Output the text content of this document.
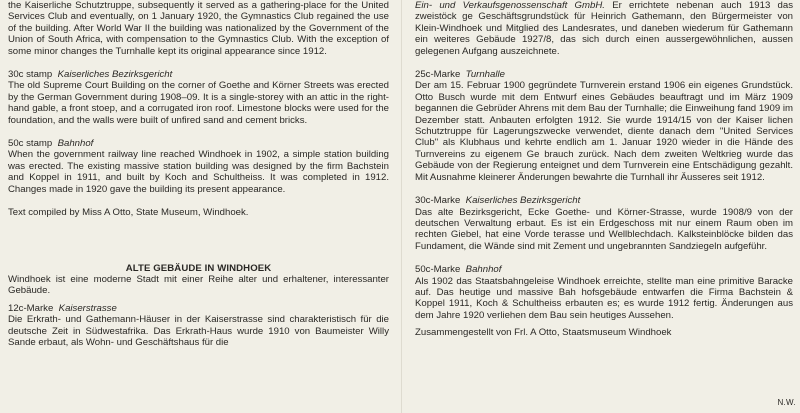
the Kaiserliche Schutztruppe, subsequently it served as a gathering-place for the United Services Club and eventually, on 1 January 1920, the Gymnastics Club regained the use of the building. After World War II the building was nationalized by the Government of the Union of South Africa, with compensation to the Gymnastics Club. With the exception of some minor changes the Turnhalle kept its original appearance since 1912.

30c stamp Kaiserliches Bezirksgericht

The old Supreme Court Building on the corner of Goethe and Körner Streets was erected by the German Government during 1908–09. It is a single-storey with an attic in the right-hand gable, a front stoep, and a corrugated iron roof. Limestone blocks were used for the foundation, and the walls were built of unfired sand and cement bricks.

50c stamp Bahnhof

When the government railway line reached Windhoek in 1902, a simple station building was erected. The existing massive station building was designed by the firm Bachstein and Koppel in 1911, and built by Koch and Schultheiss. It was completed in 1912. Changes made in 1920 gave the building its present appearance.

Text compiled by Miss A Otto, State Museum, Windhoek.

ALTE GEBÄUDE IN WINDHOEK

Windhoek ist eine moderne Stadt mit einer Reihe alter und erhaltener, interessanter Gebäude.

12c-Marke Kaiserstrasse

Die Erkrath- und Gathemann-Häuser in der Kaiserstrasse sind charakteristisch für die deutsche Zeit in Südwestafrika. Das Erkrath-Haus wurde 1910 von Baumeister Willy Sande erbaut, als Wohn- und Geschäftshaus für die

Ein- und Verkaufsgenossenschaft GmbH. Er errichtete nebenan auch 1913 das zweistöck ge Geschäftsgrundstück für Heinrich Gathemann, den Bürgermeister von Klein-Windhoek und Mitglied des Landesrates, und daneben wiederum für Gathemann ein weiteres Gebäude 1927/8, das sich durch einen aussergewöhnlichen, aussen gelegenen Aufgang auszeichnete.

25c-Marke Turnhalle

Der am 15. Februar 1900 gegründete Turnverein erstand 1906 ein eigenes Grundstück. Otto Busch wurde mit dem Entwurf eines Gebäudes beauftragt und im März 1909 begannen die Gebrüder Ahrens mit dem Bau der Turnhalle; die Einweihung fand 1909 im Dezember statt. Anbauten erfolgten 1912. Sie wurde 1914/15 von der Kaiser lichen Schutztruppe für Lagerungszwecke verwendet, diente danach dem "United Services Club" als Klubhaus und kehrte endlich am 1. Januar 1920 wieder in die Hände des Turnvereins zu eigenem Ge brauch zurück. Nach dem zweiten Weltkrieg wurde das Gebäude von der Regierung enteignet und dem Turnverein eine Entschädigung gezahlt. Mit Ausnahme kleinerer Änderungen bewahrte die Turnhall ihr Äusseres seit 1912.

30c-Marke Kaiserliches Bezirksgericht

Das alte Bezirksgericht, Ecke Goethe- und Körner-Strasse, wurde 1908/9 von der deutschen Verwaltung erbaut. Es ist ein Erdgeschoss mit nur einem Raum oben im rechten Giebel, hat eine Vorde terasse und Wellblechdach. Kalksteinblöcke bilden das Fundament, die Wände sind mit Zement und ungebrannten Sandziegeln aufgeführ.

50c-Marke Bahnhof

Als 1902 das Staatsbahngeleise Windhoek erreichte, stellte man eine primitive Baracke auf. Das heutige und massive Bah hofsgebäude entwarfen die Firma Bachstein & Koppel 1911, Koch & Schultheiss erbauten es; es wurde 1912 fertig. Änderungen aus dem Jahre 1920 verliehen dem Bau sein heutiges Aussehen.

Zusammengestellt von Frl. A Otto, Staatsmuseum Windhoek

N.W.
